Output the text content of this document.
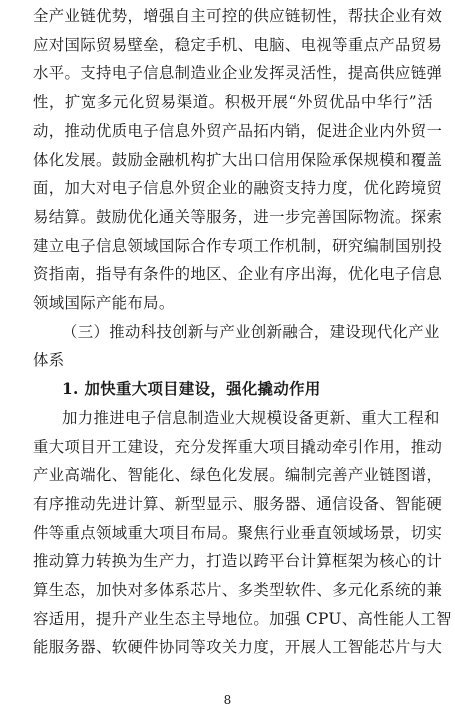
全产业链优势，增强自主可控的供应链韧性，帮扶企业有效
应对国际贸易壁垒，稳定手机、电脑、电视等重点产品贸易
水平。支持电子信息制造业企业发挥灵活性，提高供应链弹
性，扩宽多元化贸易渠道。积极开展“外贸优品中华行”活
动，推动优质电子信息外贸产品拓内销，促进企业内外贸一
体化发展。鼓励金融机构扩大出口信用保险承保规模和覆盖
面，加大对电子信息外贸企业的融资支持力度，优化跨境贸
易结算。鼓励优化通关等服务，进一步完善国际物流。探索
建立电子信息领域国际合作专项工作机制，研究编制国别投
资指南，指导有条件的地区、企业有序出海，优化电子信息
领域国际产能布局。
（三）推动科技创新与产业创新融合，建设现代化产业
体系
1. 加快重大项目建设，强化撬动作用
加力推进电子信息制造业大规模设备更新、重大工程和
重大项目开工建设，充分发挥重大项目撬动牵引作用，推动
产业高端化、智能化、绿色化发展。编制完善产业链图谱，
有序推动先进计算、新型显示、服务器、通信设备、智能硬
件等重点领域重大项目布局。聚焦行业垂直领域场景，切实
推动算力转换为生产力，打造以跨平台计算框架为核心的计
8
算生态，加快对多体系芯片、多类型软件、多元化系统的兼
容适用，提升产业生态主导地位。加强 CPU、高性能人工智
能服务器、软硬件协同等攻关力度，开展人工智能芯片与大
